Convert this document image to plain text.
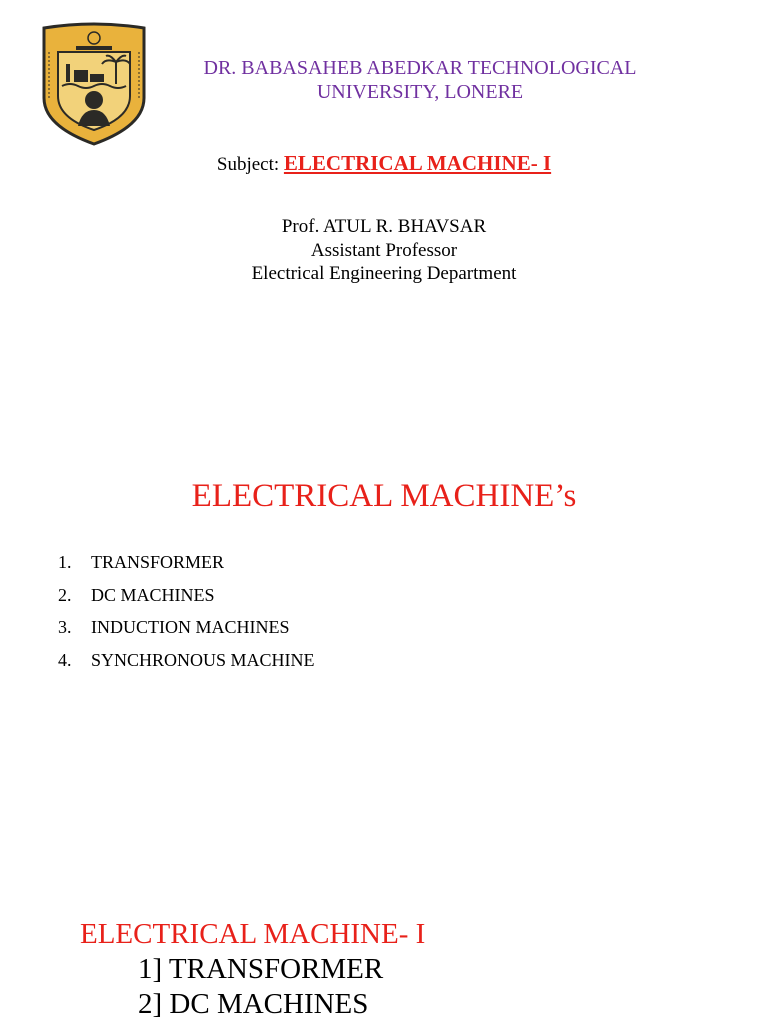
DR. BABASAHEB ABEDKAR TECHNOLOGICAL
UNIVERSITY, LONERE
Subject: ELECTRICAL MACHINE- I
Prof. ATUL R. BHAVSAR
Assistant Professor
Electrical Engineering Department
ELECTRICAL MACHINE’s
1. TRANSFORMER
2. DC MACHINES
3. INDUCTION MACHINES
4. SYNCHRONOUS MACHINE
ELECTRICAL MACHINE- I
1] TRANSFORMER
2] DC MACHINES
